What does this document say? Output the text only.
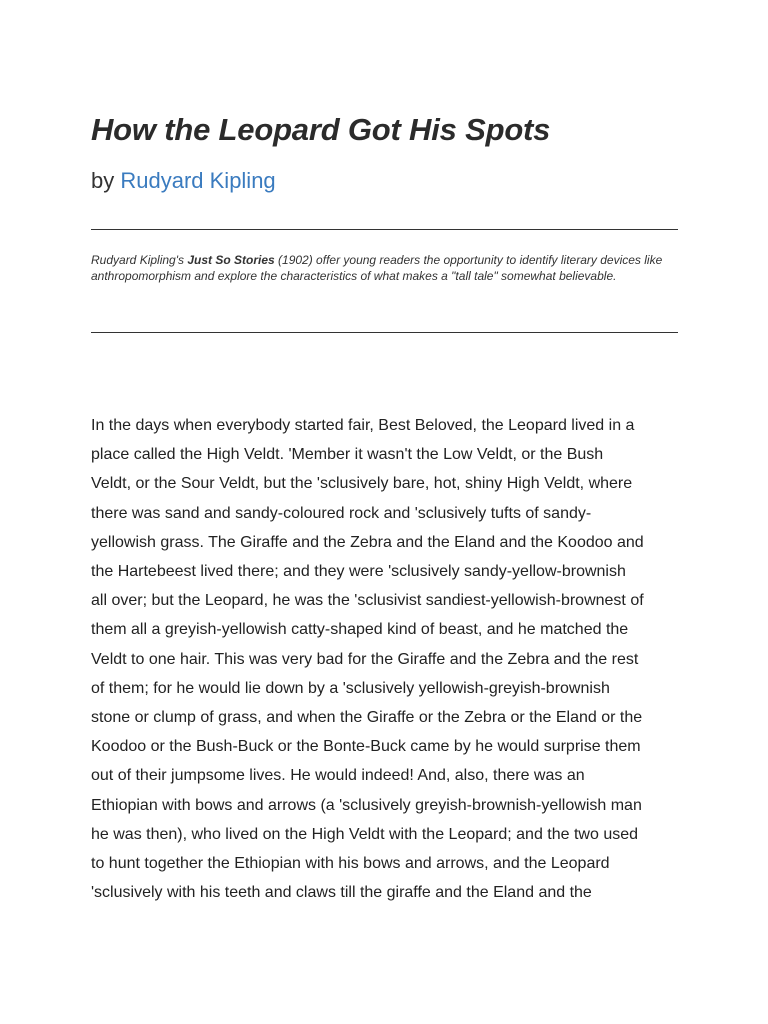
How the Leopard Got His Spots
by Rudyard Kipling

Rudyard Kipling's Just So Stories (1902) offer young readers the opportunity to identify literary devices like anthropomorphism and explore the characteristics of what makes a "tall tale" somewhat believable.

In the days when everybody started fair, Best Beloved, the Leopard lived in a
place called the High Veldt. 'Member it wasn't the Low Veldt, or the Bush
Veldt, or the Sour Veldt, but the 'sclusively bare, hot, shiny High Veldt, where
there was sand and sandy-coloured rock and 'sclusively tufts of sandy-
yellowish grass. The Giraffe and the Zebra and the Eland and the Koodoo and
the Hartebeest lived there; and they were 'sclusively sandy-yellow-brownish
all over; but the Leopard, he was the 'sclusivist sandiest-yellowish-brownest of
them all a greyish-yellowish catty-shaped kind of beast, and he matched the
Veldt to one hair. This was very bad for the Giraffe and the Zebra and the rest
of them; for he would lie down by a 'sclusively yellowish-greyish-brownish
stone or clump of grass, and when the Giraffe or the Zebra or the Eland or the
Koodoo or the Bush-Buck or the Bonte-Buck came by he would surprise them
out of their jumpsome lives. He would indeed! And, also, there was an
Ethiopian with bows and arrows (a 'sclusively greyish-brownish-yellowish man
he was then), who lived on the High Veldt with the Leopard; and the two used
to hunt together the Ethiopian with his bows and arrows, and the Leopard
'sclusively with his teeth and claws till the giraffe and the Eland and the
